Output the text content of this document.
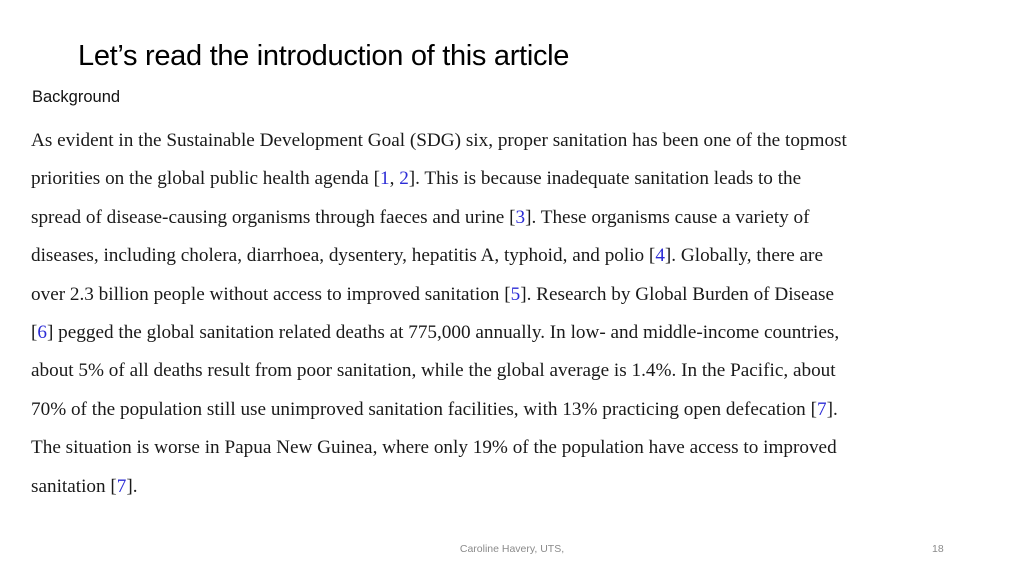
Let’s read the introduction of this article
Background
As evident in the Sustainable Development Goal (SDG) six, proper sanitation has been one of the topmost
priorities on the global public health agenda [1, 2]. This is because inadequate sanitation leads to the
spread of disease-causing organisms through faeces and urine [3]. These organisms cause a variety of
diseases, including cholera, diarrhoea, dysentery, hepatitis A, typhoid, and polio [4]. Globally, there are
over 2.3 billion people without access to improved sanitation [5]. Research by Global Burden of Disease
[6] pegged the global sanitation related deaths at 775,000 annually. In low- and middle-income countries,
about 5% of all deaths result from poor sanitation, while the global average is 1.4%. In the Pacific, about
70% of the population still use unimproved sanitation facilities, with 13% practicing open defecation [7].
The situation is worse in Papua New Guinea, where only 19% of the population have access to improved
sanitation [7].
Caroline Havery, UTS,	18
